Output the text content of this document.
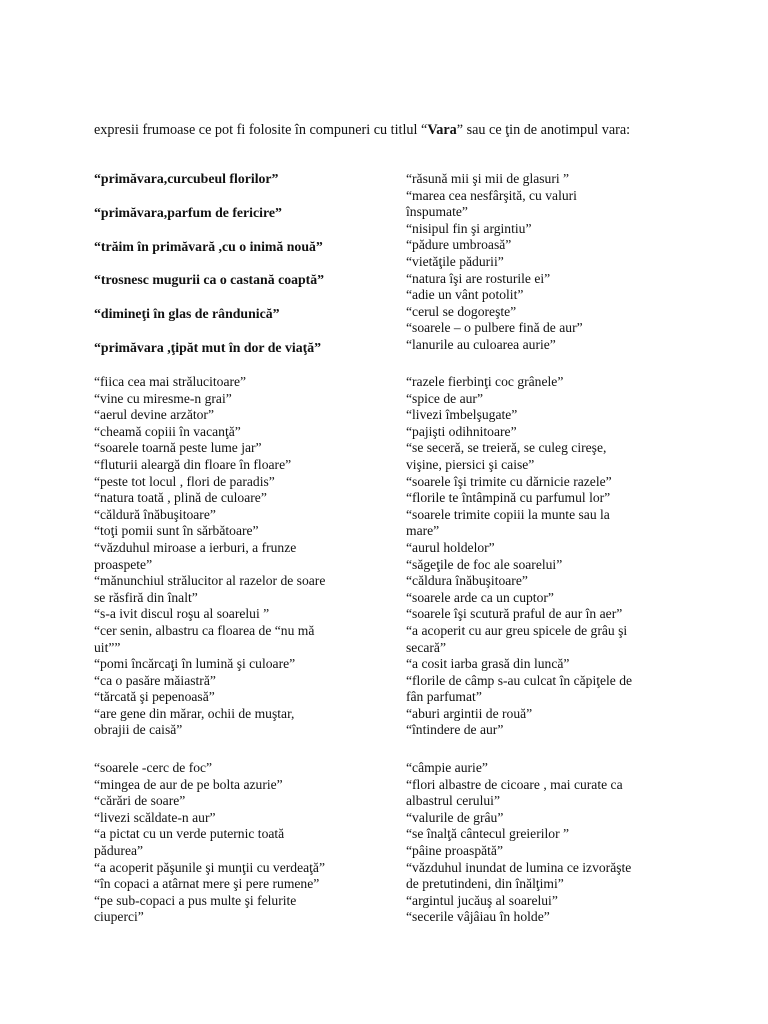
expresii frumoase ce pot fi folosite în compuneri cu titlul “Vara” sau ce ţin de anotimpul vara:
“primăvara,curcubeul florilor”
“primăvara,parfum de fericire”
“trăim în primăvară ,cu o inimă nouă”
“trosnesc mugurii ca o castană coaptă”
“dimineţi în glas de rândunică”
“primăvara ,ţipăt mut în dor de viaţă”
“fiica cea mai strălucitoare”
“vine cu miresme-n grai”
“aerul devine arzător”
“cheamă copiii în vacanţă”
“soarele toarnă peste lume jar”
“fluturii aleargă din floare în floare”
“peste tot locul , flori de paradis”
“natura toată , plină de culoare”
“căldură înăbuşitoare”
“toţi pomii sunt în sărbătoare”
“văzduhul miroase a ierburi, a frunze
proaspete”
“mănunchiul strălucitor al razelor de soare
se răsfiră din înalt”
“s-a ivit discul roşu al soarelui ”
“cer senin, albastru ca floarea de “nu mă
uit””
“pomi încărcaţi în lumină şi culoare”
“ca o pasăre măiastră”
“tărcată şi pepenoasă”
“are gene din mărar, ochii de muştar,
obrajii de caisă”
“soarele -cerc de foc”
“mingea de aur de pe bolta azurie”
“cărări de soare”
“livezi scăldate-n aur”
“a pictat cu un verde puternic toată
pădurea”
“a acoperit păşunile şi munţii cu verdeaţă”
“în copaci a atârnat mere şi pere rumene”
“pe sub-copaci a pus multe şi felurite
ciuperci”
“răsună mii şi mii de glasuri ”
“marea cea nesfârşită, cu valuri
înspumate”
“nisipul fin şi argintiu”
“pădure umbroasă”
“vietăţile pădurii”
“natura îşi are rosturile ei”
“adie un vânt potolit”
“cerul se dogoreşte”
“soarele – o pulbere fină de aur”
“lanurile au culoarea aurie”
“razele fierbinţi coc grânele”
“spice de aur”
“livezi îmbelşugate”
“pajişti odihnitoare”
“se seceră, se treieră, se culeg cireşe,
vişine, piersici şi caise”
“soarele îşi trimite cu dărnicie razele”
“florile te întâmpină cu parfumul lor”
“soarele trimite copiii la munte sau la
mare”
“aurul holdelor”
“săgeţile de foc ale soarelui”
“căldura înăbuşitoare”
“soarele arde ca un cuptor”
“soarele îşi scutură praful de aur în aer”
“a acoperit cu aur greu spicele de grâu şi
secară”
“a cosit iarba grasă din luncă”
“florile de câmp s-au culcat în căpiţele de
fân parfumat”
“aburi argintii de rouă”
“întindere de aur”
“câmpie aurie”
“flori albastre de cicoare , mai curate ca
albastrul cerului”
“valurile de grâu”
“se înalţă cântecul greierilor ”
“pâine proaspătă”
“văzduhul inundat de lumina ce izvorăşte
de pretutindeni, din înălţimi”
“argintul jucăuş al soarelui”
“secerile vâjâiau în holde”
